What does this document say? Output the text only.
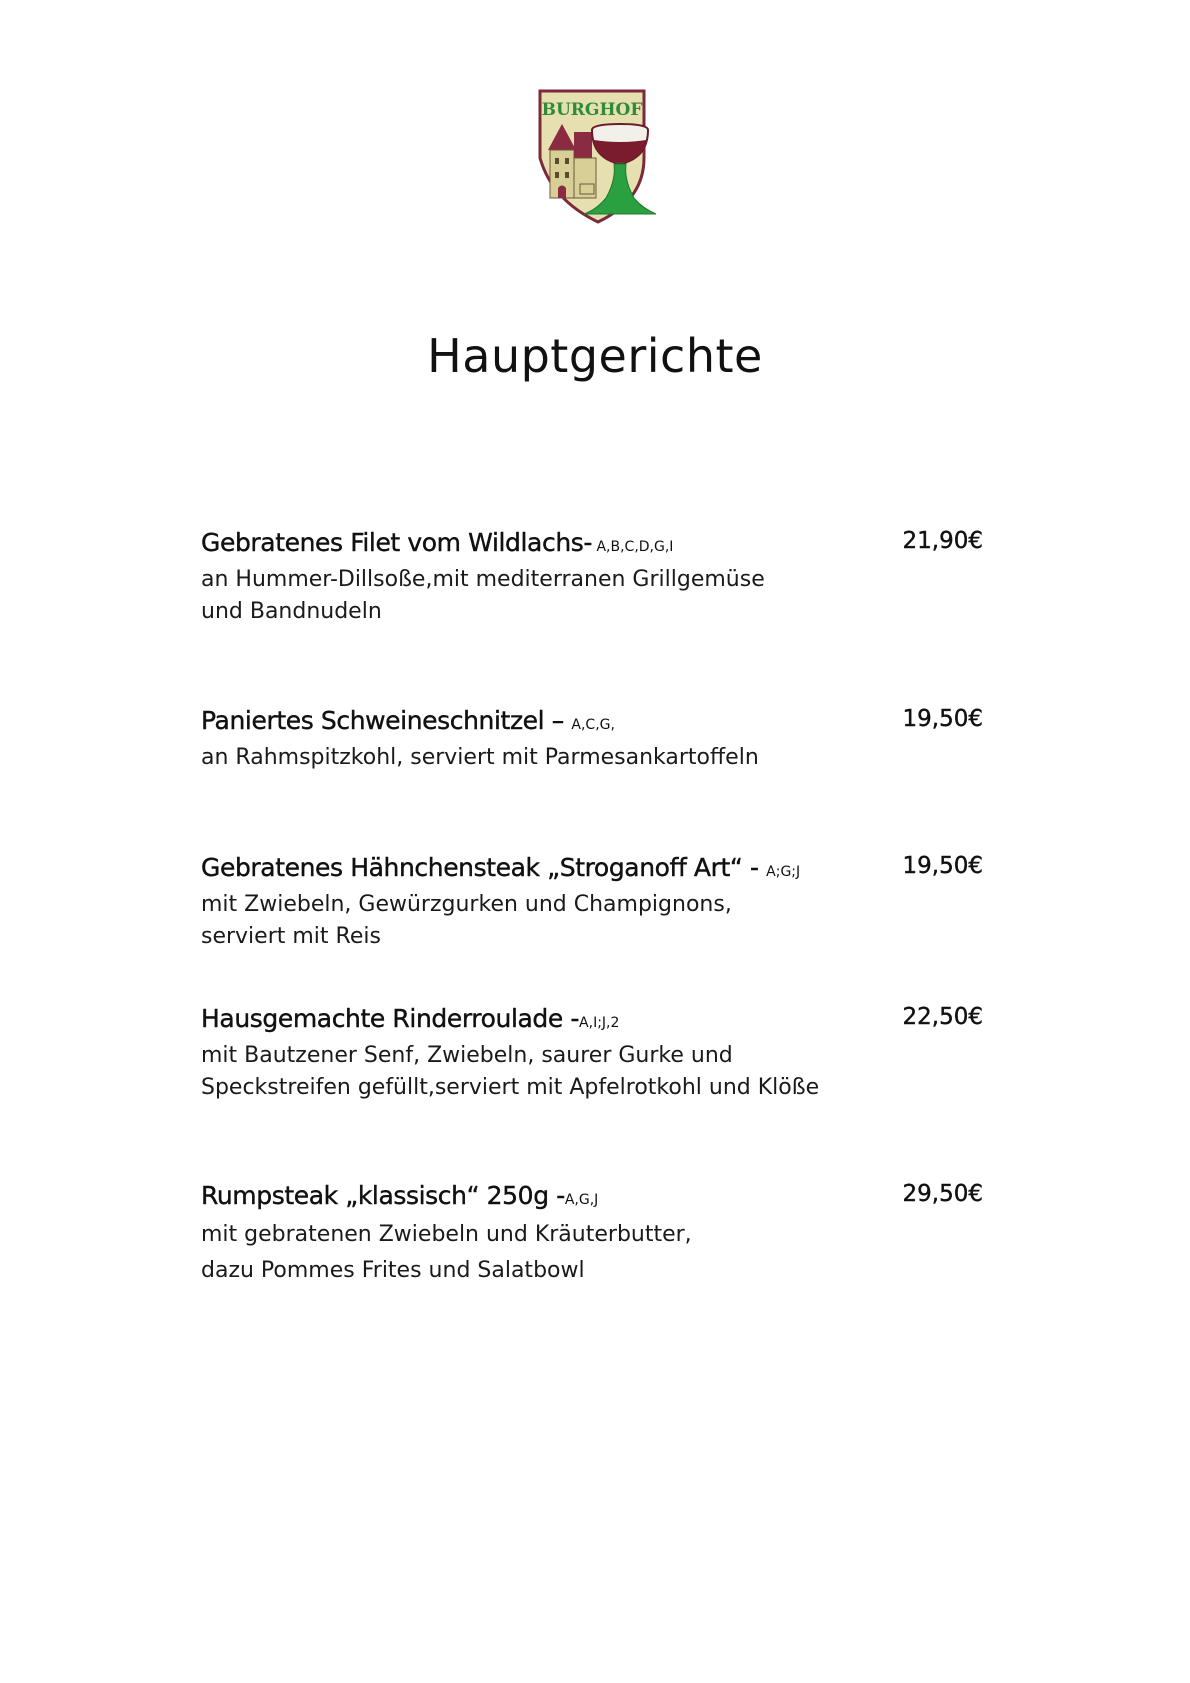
BURGHOF
Hauptgerichte
Gebratenes Filet vom Wildlachs- A,B,C,D,G,I	21,90€
an Hummer-Dillsoße,mit mediterranen Grillgemüse
und Bandnudeln
Paniertes Schweineschnitzel – A,C,G,	19,50€
an Rahmspitzkohl, serviert mit Parmesankartoffeln
Gebratenes Hähnchensteak „Stroganoff Art“ - A;G;J	19,50€
mit Zwiebeln, Gewürzgurken und Champignons,
serviert mit Reis
Hausgemachte Rinderroulade -A,I;J,2	22,50€
mit Bautzener Senf, Zwiebeln, saurer Gurke und
Speckstreifen gefüllt,serviert mit Apfelrotkohl und Klöße
Rumpsteak „klassisch“ 250g -A,G,J	29,50€
mit gebratenen Zwiebeln und Kräuterbutter,
dazu Pommes Frites und Salatbowl
